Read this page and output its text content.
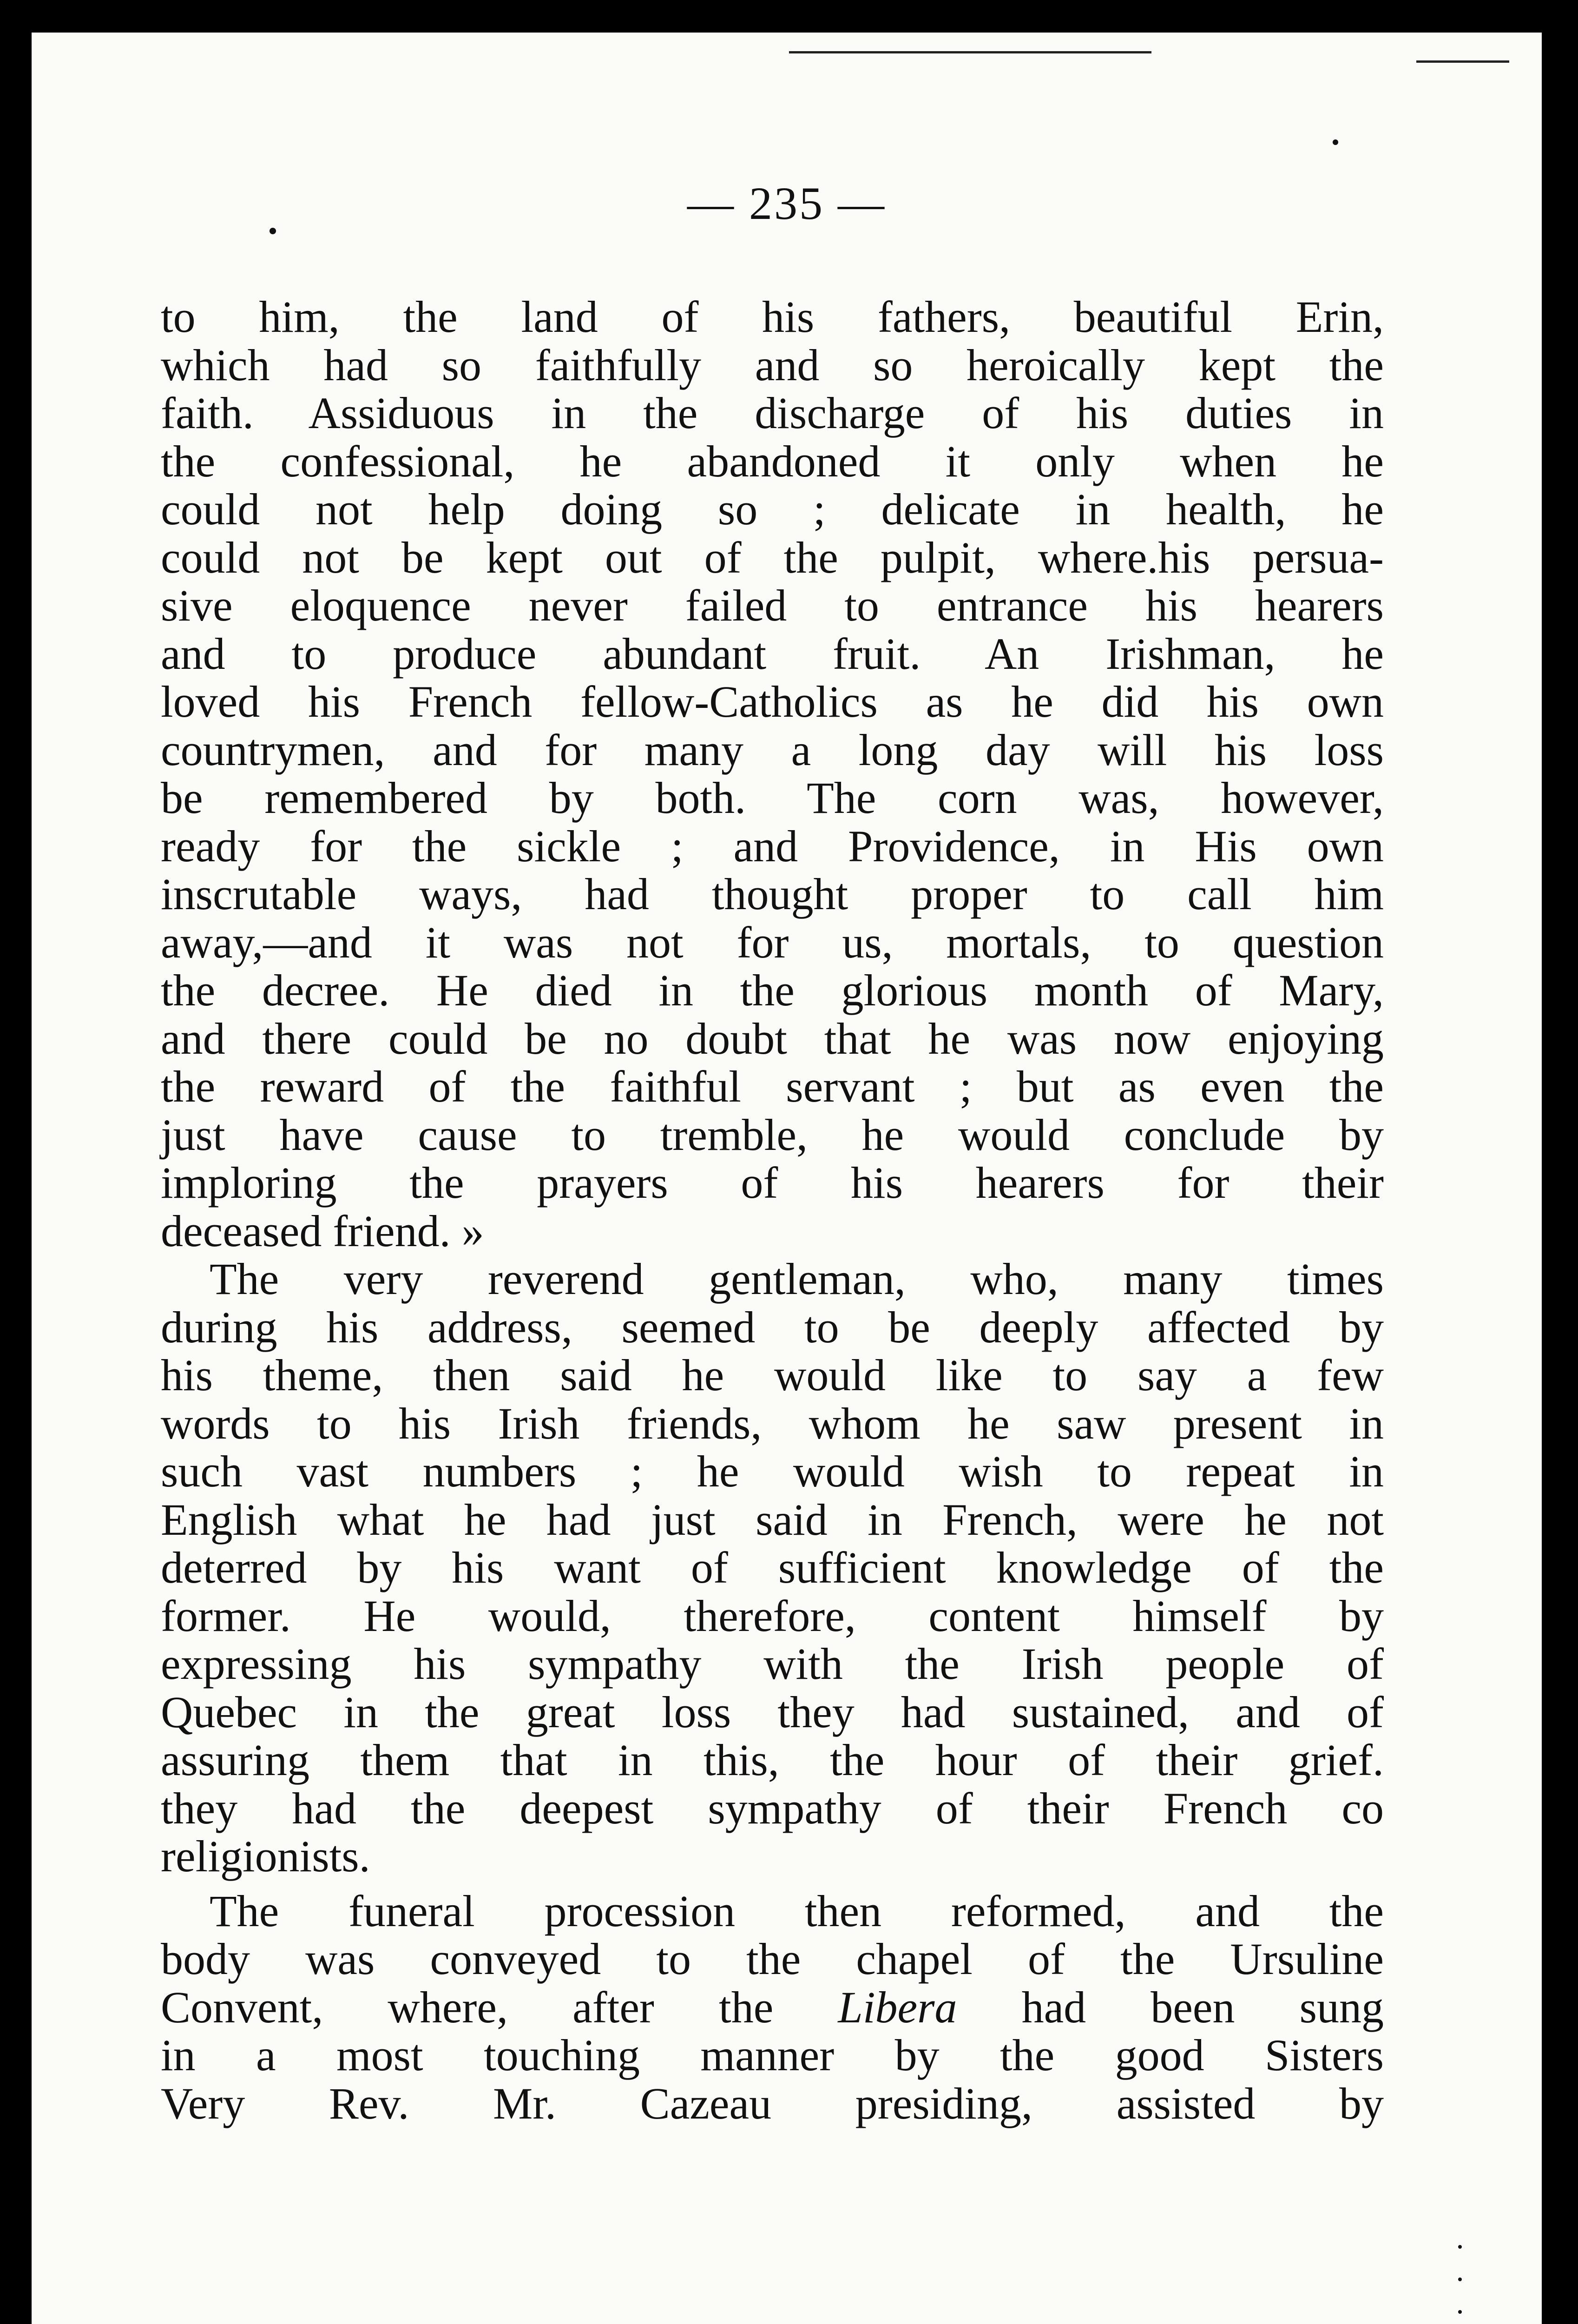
— 235 —
to him, the land of his fathers, beautiful Erin,
which had so faithfully and so heroically kept the
faith. Assiduous in the discharge of his duties in
the confessional, he abandoned it only when he
could not help doing so ; delicate in health, he
could not be kept out of the pulpit, where.his persua-
sive eloquence never failed to entrance his hearers
and to produce abundant fruit. An Irishman, he
loved his French fellow-Catholics as he did his own
countrymen, and for many a long day will his loss
be remembered by both. The corn was, however,
ready for the sickle ; and Providence, in His own
inscrutable ways, had thought proper to call him
away,—and it was not for us, mortals, to question
the decree. He died in the glorious month of Mary,
and there could be no doubt that he was now enjoying
the reward of the faithful servant ; but as even the
just have cause to tremble, he would conclude by
imploring the prayers of his hearers for their
deceased friend. »
The very reverend gentleman, who, many times
during his address, seemed to be deeply affected by
his theme, then said he would like to say a few
words to his Irish friends, whom he saw present in
such vast numbers ; he would wish to repeat in
English what he had just said in French, were he not
deterred by his want of sufficient knowledge of the
former. He would, therefore, content himself by
expressing his sympathy with the Irish people of
Quebec in the great loss they had sustained, and of
assuring them that in this, the hour of their grief.
they had the deepest sympathy of their French co
religionists.
The funeral procession then reformed, and the
body was conveyed to the chapel of the Ursuline
Convent, where, after the Libera had been sung
in a most touching manner by the good Sisters
Very Rev. Mr. Cazeau presiding, assisted by
